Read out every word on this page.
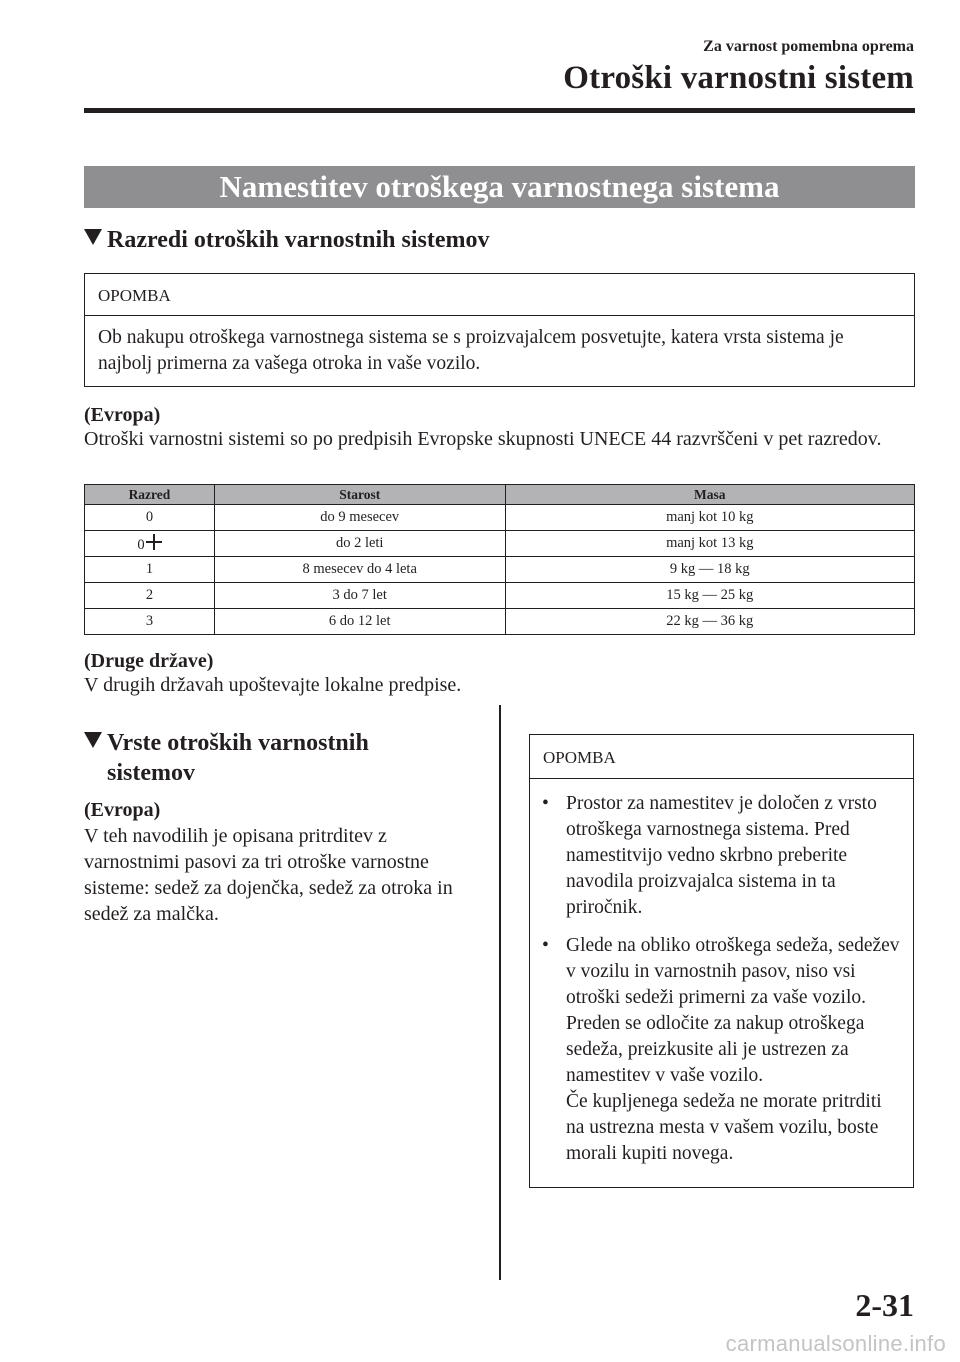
Za varnost pomembna oprema
Otroški varnostni sistem
Namestitev otroškega varnostnega sistema
Razredi otroških varnostnih sistemov
OPOMBA
Ob nakupu otroškega varnostnega sistema se s proizvajalcem posvetujte, katera vrsta sistema je najbolj primerna za vašega otroka in vaše vozilo.
(Evropa)
Otroški varnostni sistemi so po predpisih Evropske skupnosti UNECE 44 razvrščeni v pet razredov.
Razred	Starost	Masa
0	do 9 mesecev	manj kot 10 kg
0	do 2 leti	manj kot 13 kg
1	8 mesecev do 4 leta	9 kg — 18 kg
2	3 do 7 let	15 kg — 25 kg
3	6 do 12 let	22 kg — 36 kg
(Druge države)
V drugih državah upoštevajte lokalne predpise.
Vrste otroških varnostnih
sistemov
(Evropa)
V teh navodilih je opisana pritrditev z varnostnimi pasovi za tri otroške varnostne sisteme: sedež za dojenčka, sedež za otroka in sedež za malčka.
OPOMBA
• Prostor za namestitev je določen z vrsto otroškega varnostnega sistema. Pred namestitvijo vedno skrbno preberite navodila proizvajalca sistema in ta priročnik.
• Glede na obliko otroškega sedeža, sedežev v vozilu in varnostnih pasov, niso vsi otroški sedeži primerni za vaše vozilo. Preden se odločite za nakup otroškega sedeža, preizkusite ali je ustrezen za namestitev v vaše vozilo.
Če kupljenega sedeža ne morate pritrditi na ustrezna mesta v vašem vozilu, boste morali kupiti novega.
2-31
carmanualsonline.info
